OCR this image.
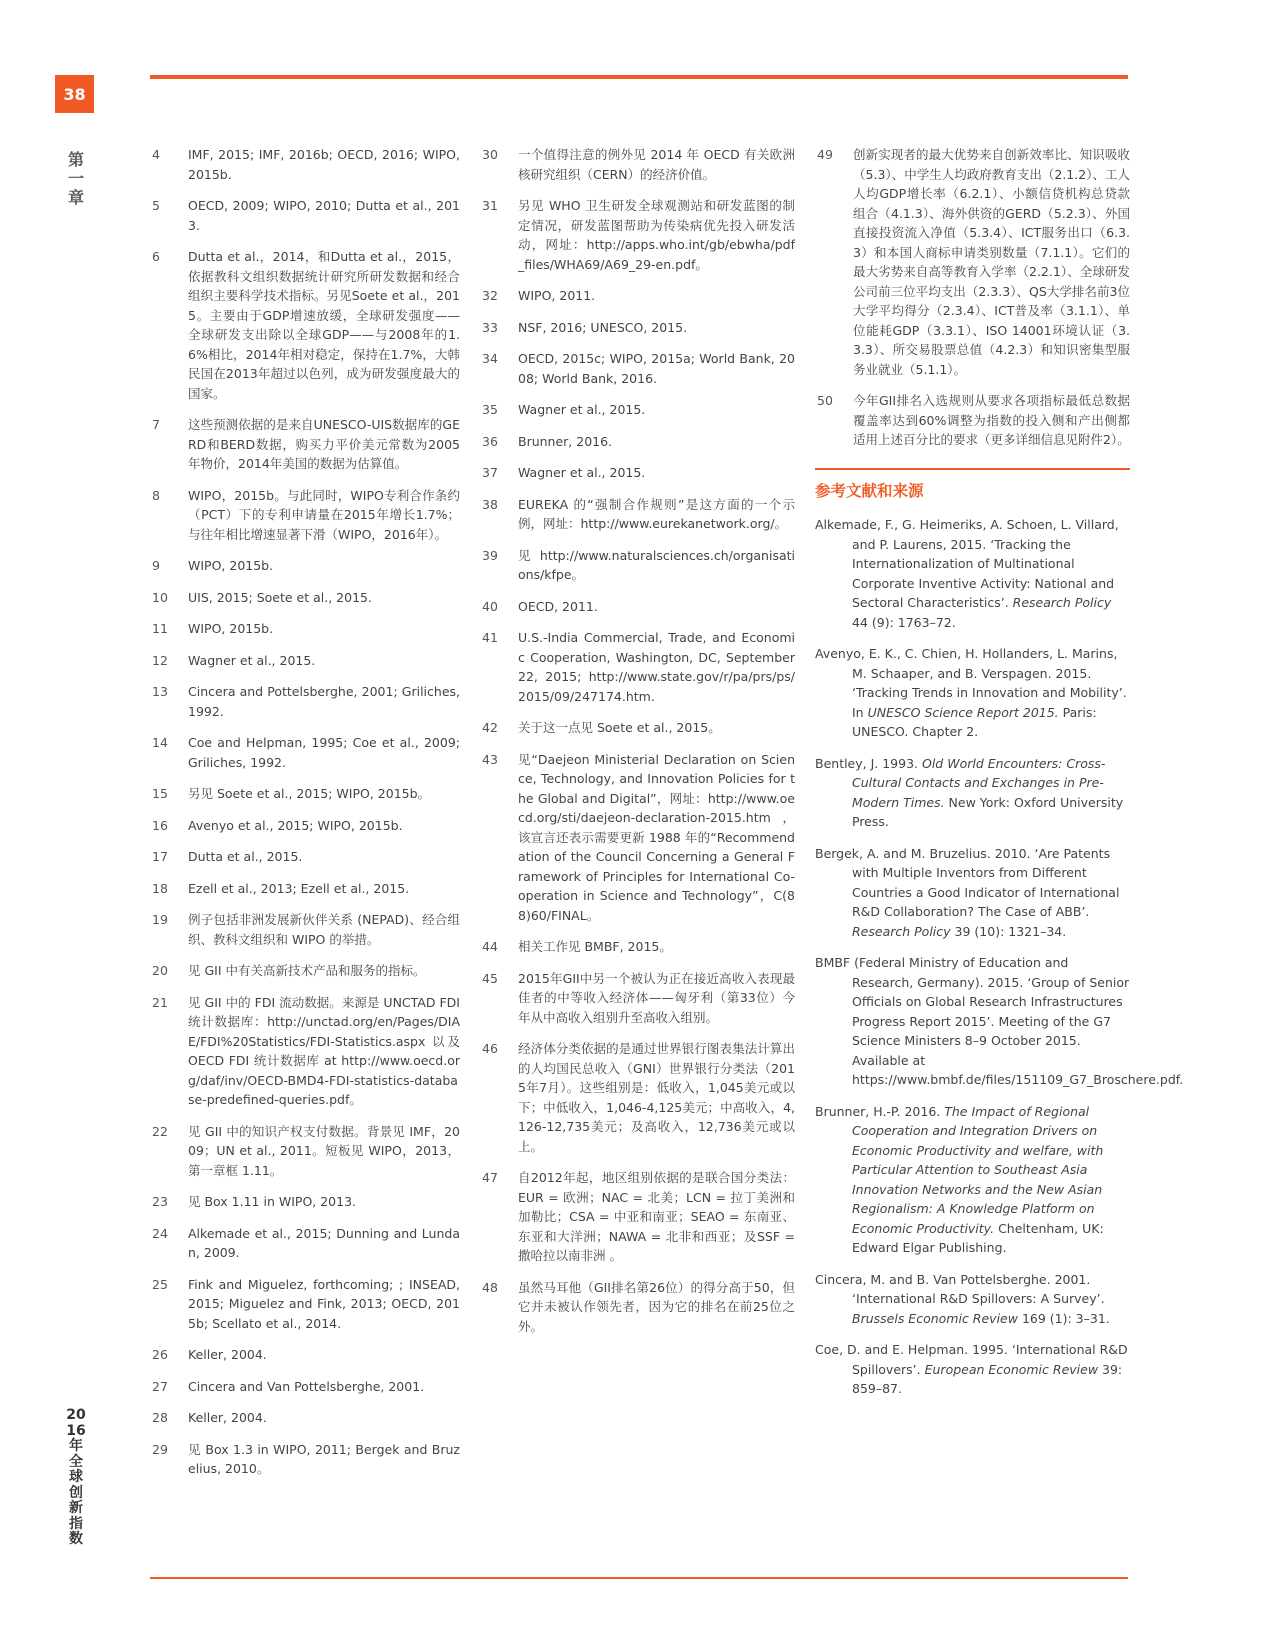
38
第一章
2016年全球创新指数
4	IMF, 2015; IMF, 2016b; OECD, 2016; WIPO, 2015b.
5	OECD, 2009; WIPO, 2010; Dutta et al., 2013.
6	Dutta et al.，2014，和Dutta et al.，2015，依据教科文组织数据统计研究所研发数据和经合组织主要科学技术指标。另见Soete et al.，2015。主要由于GDP增速放缓，全球研发强度——全球研发支出除以全球GDP——与2008年的1.6%相比，2014年相对稳定，保持在1.7%，大韩民国在2013年超过以色列，成为研发强度最大的国家。
7	这些预测依据的是来自UNESCO-UIS数据库的GERD和BERD数据，购买力平价美元常数为2005年物价，2014年美国的数据为估算值。
8	WIPO，2015b。与此同时，WIPO专利合作条约（PCT）下的专利申请量在2015年增长1.7%；与往年相比增速显著下滑（WIPO，2016年）。
9	WIPO, 2015b.
10	UIS, 2015; Soete et al., 2015.
11	WIPO, 2015b.
12	Wagner et al., 2015.
13	Cincera and Pottelsberghe, 2001; Griliches, 1992.
14	Coe and Helpman, 1995; Coe et al., 2009; Griliches, 1992.
15	另见 Soete et al., 2015; WIPO, 2015b。
16	Avenyo et al., 2015; WIPO, 2015b.
17	Dutta et al., 2015.
18	Ezell et al., 2013; Ezell et al., 2015.
19	例子包括非洲发展新伙伴关系 (NEPAD)、经合组织、教科文组织和 WIPO 的举措。
20	见 GII 中有关高新技术产品和服务的指标。
21	见 GII 中的 FDI 流动数据。来源是 UNCTAD FDI 统计数据库：http://unctad.org/en/Pages/DIAE/FDI%20Statistics/FDI-Statistics.aspx 以及 OECD FDI 统计数据库 at http://www.oecd.org/daf/inv/OECD-BMD4-FDI-statistics-database-predefined-queries.pdf。
22	见 GII 中的知识产权支付数据。背景见 IMF，2009；UN et al., 2011。短板见 WIPO，2013，第一章框 1.11。
23	见 Box 1.11 in WIPO, 2013.
24	Alkemade et al., 2015; Dunning and Lundan, 2009.
25	Fink and Miguelez, forthcoming; ; INSEAD, 2015; Miguelez and Fink, 2013; OECD, 2015b; Scellato et al., 2014.
26	Keller, 2004.
27	Cincera and Van Pottelsberghe, 2001.
28	Keller, 2004.
29	见 Box 1.3 in WIPO, 2011; Bergek and Bruzelius, 2010。
30	一个值得注意的例外见 2014 年 OECD 有关欧洲核研究组织（CERN）的经济价值。
31	另见 WHO 卫生研发全球观测站和研发蓝图的制定情况，研发蓝图帮助为传染病优先投入研发活动，网址：http://apps.who.int/gb/ebwha/pdf_files/WHA69/A69_29-en.pdf。
32	WIPO, 2011.
33	NSF, 2016; UNESCO, 2015.
34	OECD, 2015c; WIPO, 2015a; World Bank, 2008; World Bank, 2016.
35	Wagner et al., 2015.
36	Brunner, 2016.
37	Wagner et al., 2015.
38	EUREKA 的“强制合作规则”是这方面的一个示例，网址：http://www.eurekanetwork.org/。
39	见 http://www.naturalsciences.ch/organisations/kfpe。
40	OECD, 2011.
41	U.S.-India Commercial, Trade, and Economic Cooperation, Washington, DC, September 22, 2015; http://www.state.gov/r/pa/prs/ps/2015/09/247174.htm.
42	关于这一点见 Soete et al., 2015。
43	见“Daejeon Ministerial Declaration on Science, Technology, and Innovation Policies for the Global and Digital”，网址：http://www.oecd.org/sti/daejeon-declaration-2015.htm，该宣言还表示需要更新 1988 年的“Recommendation of the Council Concerning a General Framework of Principles for International Co-operation in Science and Technology”，C(88)60/FINAL。
44	相关工作见 BMBF, 2015。
45	2015年GII中另一个被认为正在接近高收入表现最佳者的中等收入经济体——匈牙利（第33位）今年从中高收入组别升至高收入组别。
46	经济体分类依据的是通过世界银行图表集法计算出的人均国民总收入（GNI）世界银行分类法（2015年7月）。这些组别是：低收入，1,045美元或以下；中低收入，1,046-4,125美元；中高收入，4,126-12,735美元；及高收入，12,736美元或以上。
47	自2012年起，地区组别依据的是联合国分类法：EUR = 欧洲；NAC = 北美；LCN = 拉丁美洲和加勒比；CSA = 中亚和南亚；SEAO = 东南亚、东亚和大洋洲；NAWA = 北非和西亚；及SSF = 撒哈拉以南非洲 。
48	虽然马耳他（GII排名第26位）的得分高于50，但它并未被认作领先者，因为它的排名在前25位之外。
49	创新实现者的最大优势来自创新效率比、知识吸收（5.3）、中学生人均政府教育支出（2.1.2）、工人人均GDP增长率（6.2.1）、小额信贷机构总贷款组合（4.1.3）、海外供资的GERD（5.2.3）、外国直接投资流入净值（5.3.4）、ICT服务出口（6.3.3）和本国人商标申请类别数量（7.1.1）。它们的最大劣势来自高等教育入学率（2.2.1）、全球研发公司前三位平均支出（2.3.3）、QS大学排名前3位大学平均得分（2.3.4）、ICT普及率（3.1.1）、单位能耗GDP（3.3.1）、ISO 14001环境认证（3.3.3）、所交易股票总值（4.2.3）和知识密集型服务业就业（5.1.1）。
50	今年GII排名入选规则从要求各项指标最低总数据覆盖率达到60%调整为指数的投入侧和产出侧都适用上述百分比的要求（更多详细信息见附件2）。
参考文献和来源
Alkemade, F., G. Heimeriks, A. Schoen, L. Villard, and P. Laurens, 2015. ‘Tracking the Internationalization of Multinational Corporate Inventive Activity: National and Sectoral Characteristics’. Research Policy 44 (9): 1763–72.
Avenyo, E. K., C. Chien, H. Hollanders, L. Marins, M. Schaaper, and B. Verspagen. 2015. ‘Tracking Trends in Innovation and Mobility’. In UNESCO Science Report 2015. Paris: UNESCO. Chapter 2.
Bentley, J. 1993. Old World Encounters: Cross-Cultural Contacts and Exchanges in Pre-Modern Times. New York: Oxford University Press.
Bergek, A. and M. Bruzelius. 2010. ‘Are Patents with Multiple Inventors from Different Countries a Good Indicator of International R&D Collaboration? The Case of ABB’. Research Policy 39 (10): 1321–34.
BMBF (Federal Ministry of Education and Research, Germany). 2015. ‘Group of Senior Officials on Global Research Infrastructures Progress Report 2015’. Meeting of the G7 Science Ministers 8–9 October 2015. Available at https://www.bmbf.de/files/151109_G7_Broschere.pdf.
Brunner, H.-P. 2016. The Impact of Regional Cooperation and Integration Drivers on Economic Productivity and welfare, with Particular Attention to Southeast Asia Innovation Networks and the New Asian Regionalism: A Knowledge Platform on Economic Productivity. Cheltenham, UK: Edward Elgar Publishing.
Cincera, M. and B. Van Pottelsberghe. 2001. ‘International R&D Spillovers: A Survey’. Brussels Economic Review 169 (1): 3–31.
Coe, D. and E. Helpman. 1995. ‘International R&D Spillovers’. European Economic Review 39: 859–87.
